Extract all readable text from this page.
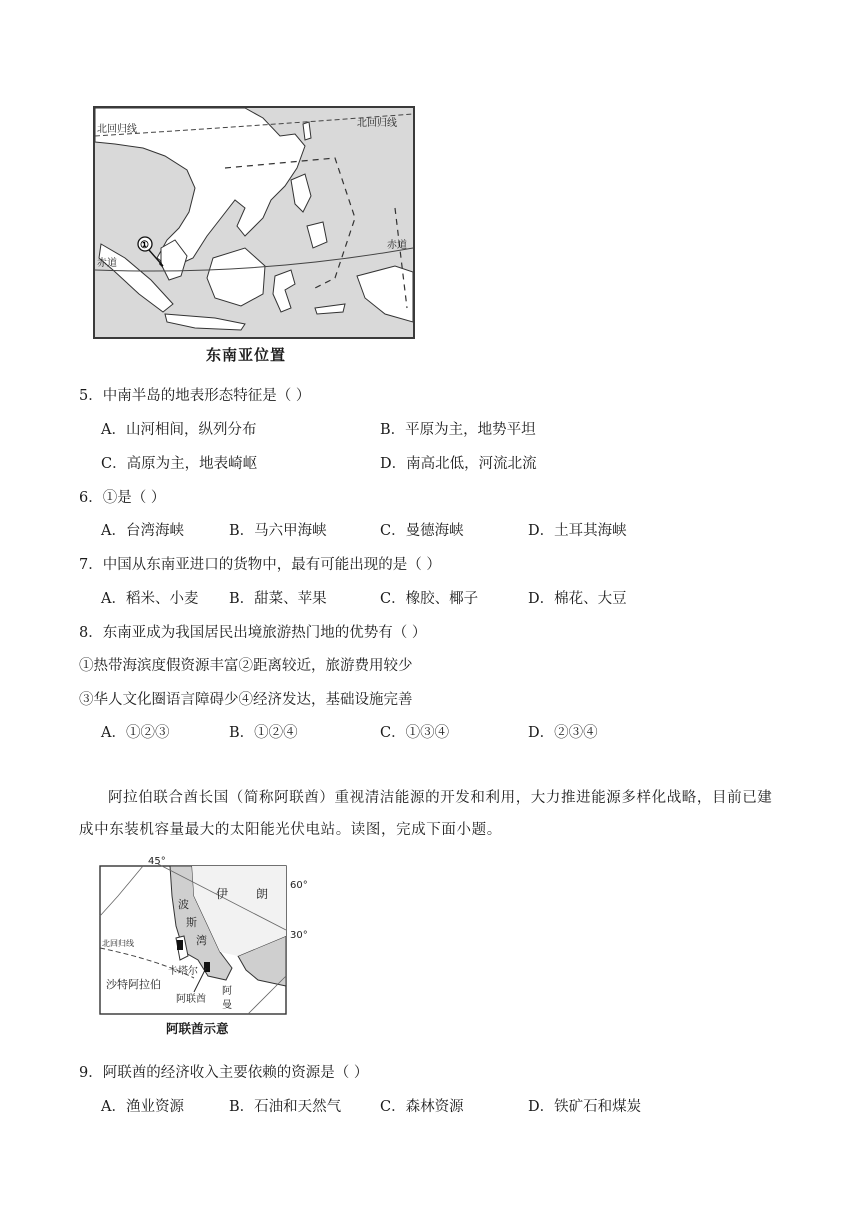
北回归线
北回归线
赤道
赤道
①
东南亚位置
5．中南半岛的地表形态特征是（ ）
A．山河相间，纵列分布	B．平原为主，地势平坦
C．高原为主，地表崎岖	D．南高北低，河流北流
6．①是（ ）
A．台湾海峡	B．马六甲海峡	C．曼德海峡	D．土耳其海峡
7．中国从东南亚进口的货物中，最有可能出现的是（ ）
A．稻米、小麦 B．甜菜、苹果	C．橡胶、椰子	D．棉花、大豆
8．东南亚成为我国居民出境旅游热门地的优势有（ ）
①热带海滨度假资源丰富②距离较近，旅游费用较少
③华人文化圈语言障碍少④经济发达，基础设施完善
A．①②③	B．①②④	C．①③④	D．②③④
阿拉伯联合酋长国（简称阿联酋）重视清洁能源的开发和利用，大力推进能源多样化战略，目前已建成中东装机容量最大的太阳能光伏电站。读图，完成下面小题。
45°
60°
30°
伊 朗
波
斯
湾
北回归线
卡塔尔
沙特阿拉伯
阿联酋
阿
曼
阿联酋示意
9．阿联酋的经济收入主要依赖的资源是（ ）
A．渔业资源	B．石油和天然气	C．森林资源	D．铁矿石和煤炭
